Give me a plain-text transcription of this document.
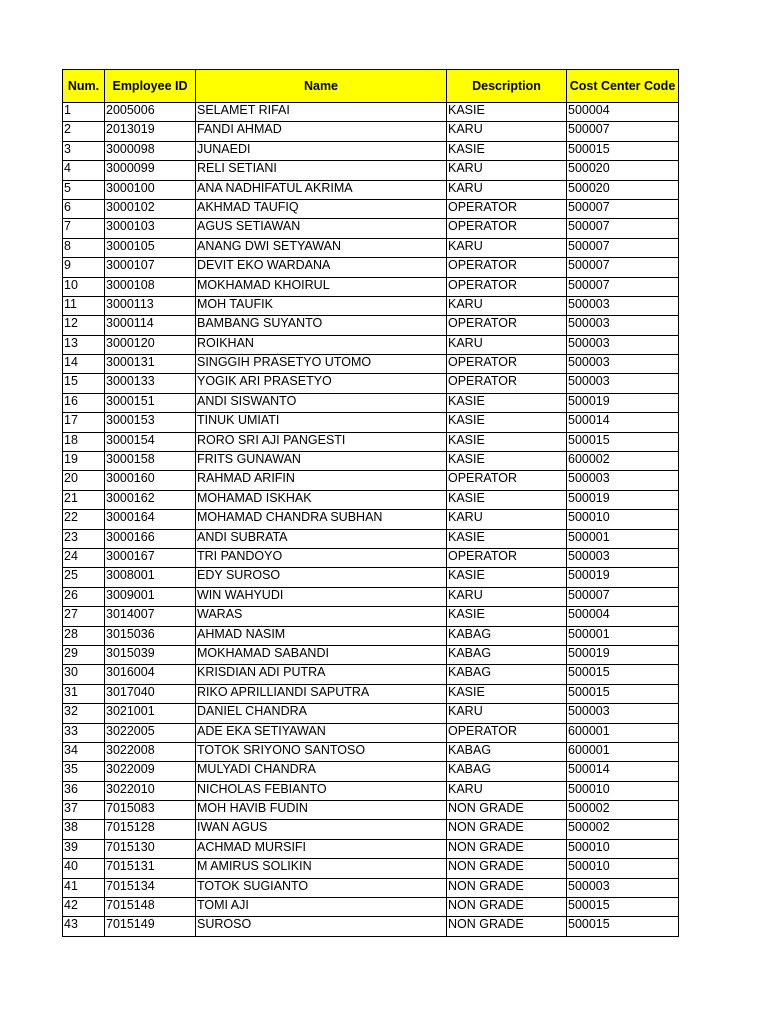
Num.	Employee ID	Name	Description	Cost Center Code
1	2005006	SELAMET RIFAI	KASIE	500004
2	2013019	FANDI AHMAD	KARU	500007
3	3000098	JUNAEDI	KASIE	500015
4	3000099	RELI SETIANI	KARU	500020
5	3000100	ANA NADHIFATUL AKRIMA	KARU	500020
6	3000102	AKHMAD TAUFIQ	OPERATOR	500007
7	3000103	AGUS SETIAWAN	OPERATOR	500007
8	3000105	ANANG DWI SETYAWAN	KARU	500007
9	3000107	DEVIT EKO WARDANA	OPERATOR	500007
10	3000108	MOKHAMAD KHOIRUL	OPERATOR	500007
11	3000113	MOH TAUFIK	KARU	500003
12	3000114	BAMBANG SUYANTO	OPERATOR	500003
13	3000120	ROIKHAN	KARU	500003
14	3000131	SINGGIH PRASETYO UTOMO	OPERATOR	500003
15	3000133	YOGIK ARI PRASETYO	OPERATOR	500003
16	3000151	ANDI SISWANTO	KASIE	500019
17	3000153	TINUK UMIATI	KASIE	500014
18	3000154	RORO SRI AJI PANGESTI	KASIE	500015
19	3000158	FRITS GUNAWAN	KASIE	600002
20	3000160	RAHMAD ARIFIN	OPERATOR	500003
21	3000162	MOHAMAD ISKHAK	KASIE	500019
22	3000164	MOHAMAD CHANDRA SUBHAN	KARU	500010
23	3000166	ANDI SUBRATA	KASIE	500001
24	3000167	TRI PANDOYO	OPERATOR	500003
25	3008001	EDY SUROSO	KASIE	500019
26	3009001	WIN WAHYUDI	KARU	500007
27	3014007	WARAS	KASIE	500004
28	3015036	AHMAD NASIM	KABAG	500001
29	3015039	MOKHAMAD SABANDI	KABAG	500019
30	3016004	KRISDIAN ADI PUTRA	KABAG	500015
31	3017040	RIKO APRILLIANDI SAPUTRA	KASIE	500015
32	3021001	DANIEL CHANDRA	KARU	500003
33	3022005	ADE EKA SETIYAWAN	OPERATOR	600001
34	3022008	TOTOK SRIYONO SANTOSO	KABAG	600001
35	3022009	MULYADI CHANDRA	KABAG	500014
36	3022010	NICHOLAS FEBIANTO	KARU	500010
37	7015083	MOH HAVIB FUDIN	NON GRADE	500002
38	7015128	IWAN AGUS	NON GRADE	500002
39	7015130	ACHMAD MURSIFI	NON GRADE	500010
40	7015131	M AMIRUS SOLIKIN	NON GRADE	500010
41	7015134	TOTOK SUGIANTO	NON GRADE	500003
42	7015148	TOMI AJI	NON GRADE	500015
43	7015149	SUROSO	NON GRADE	500015
